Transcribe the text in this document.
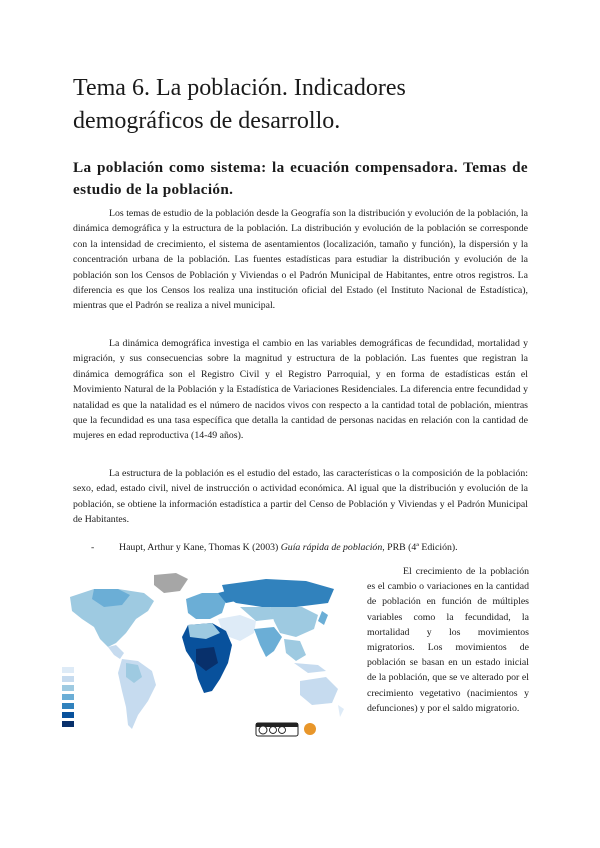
Tema 6. La población. Indicadores demográficos de desarrollo.
La población como sistema: la ecuación compensadora. Temas de estudio de la población.

Los temas de estudio de la población desde la Geografía son la distribución y evolución de la población, la dinámica demográfica y la estructura de la población. La distribución y evolución de la población se corresponde con la intensidad de crecimiento, el sistema de asentamientos (localización, tamaño y función), la dispersión y la concentración urbana de la población. Las fuentes estadísticas para estudiar la distribución y evolución de la población son los Censos de Población y Viviendas o el Padrón Municipal de Habitantes, entre otros registros. La diferencia es que los Censos los realiza una institución oficial del Estado (el Instituto Nacional de Estadística), mientras que el Padrón se realiza a nivel municipal.

La dinámica demográfica investiga el cambio en las variables demográficas de fecundidad, mortalidad y migración, y sus consecuencias sobre la magnitud y estructura de la población. Las fuentes que registran la dinámica demográfica son el Registro Civil y el Registro Parroquial, y en forma de estadísticas están el Movimiento Natural de la Población y la Estadística de Variaciones Residenciales. La diferencia entre fecundidad y natalidad es que la natalidad es el número de nacidos vivos con respecto a la cantidad total de población, mientras que la fecundidad es una tasa específica que detalla la cantidad de personas nacidas en relación con la cantidad de mujeres en edad reproductiva (14-49 años).

La estructura de la población es el estudio del estado, las características o la composición de la población: sexo, edad, estado civil, nivel de instrucción o actividad económica. Al igual que la distribución y evolución de la población, se obtiene la información estadística a partir del Censo de Población y Viviendas y el Padrón Municipal de Habitantes.

-	Haupt, Arthur y Kane, Thomas K (2003) Guía rápida de población, PRB (4ª Edición).

El crecimiento de la población es el cambio o variaciones en la cantidad de población en función de múltiples variables como la fecundidad, la mortalidad y los movimientos migratorios. Los movimientos de población se basan en un estado inicial de la población, que se ve alterado por el crecimiento vegetativo (nacimientos y defunciones) y por el saldo migratorio.
